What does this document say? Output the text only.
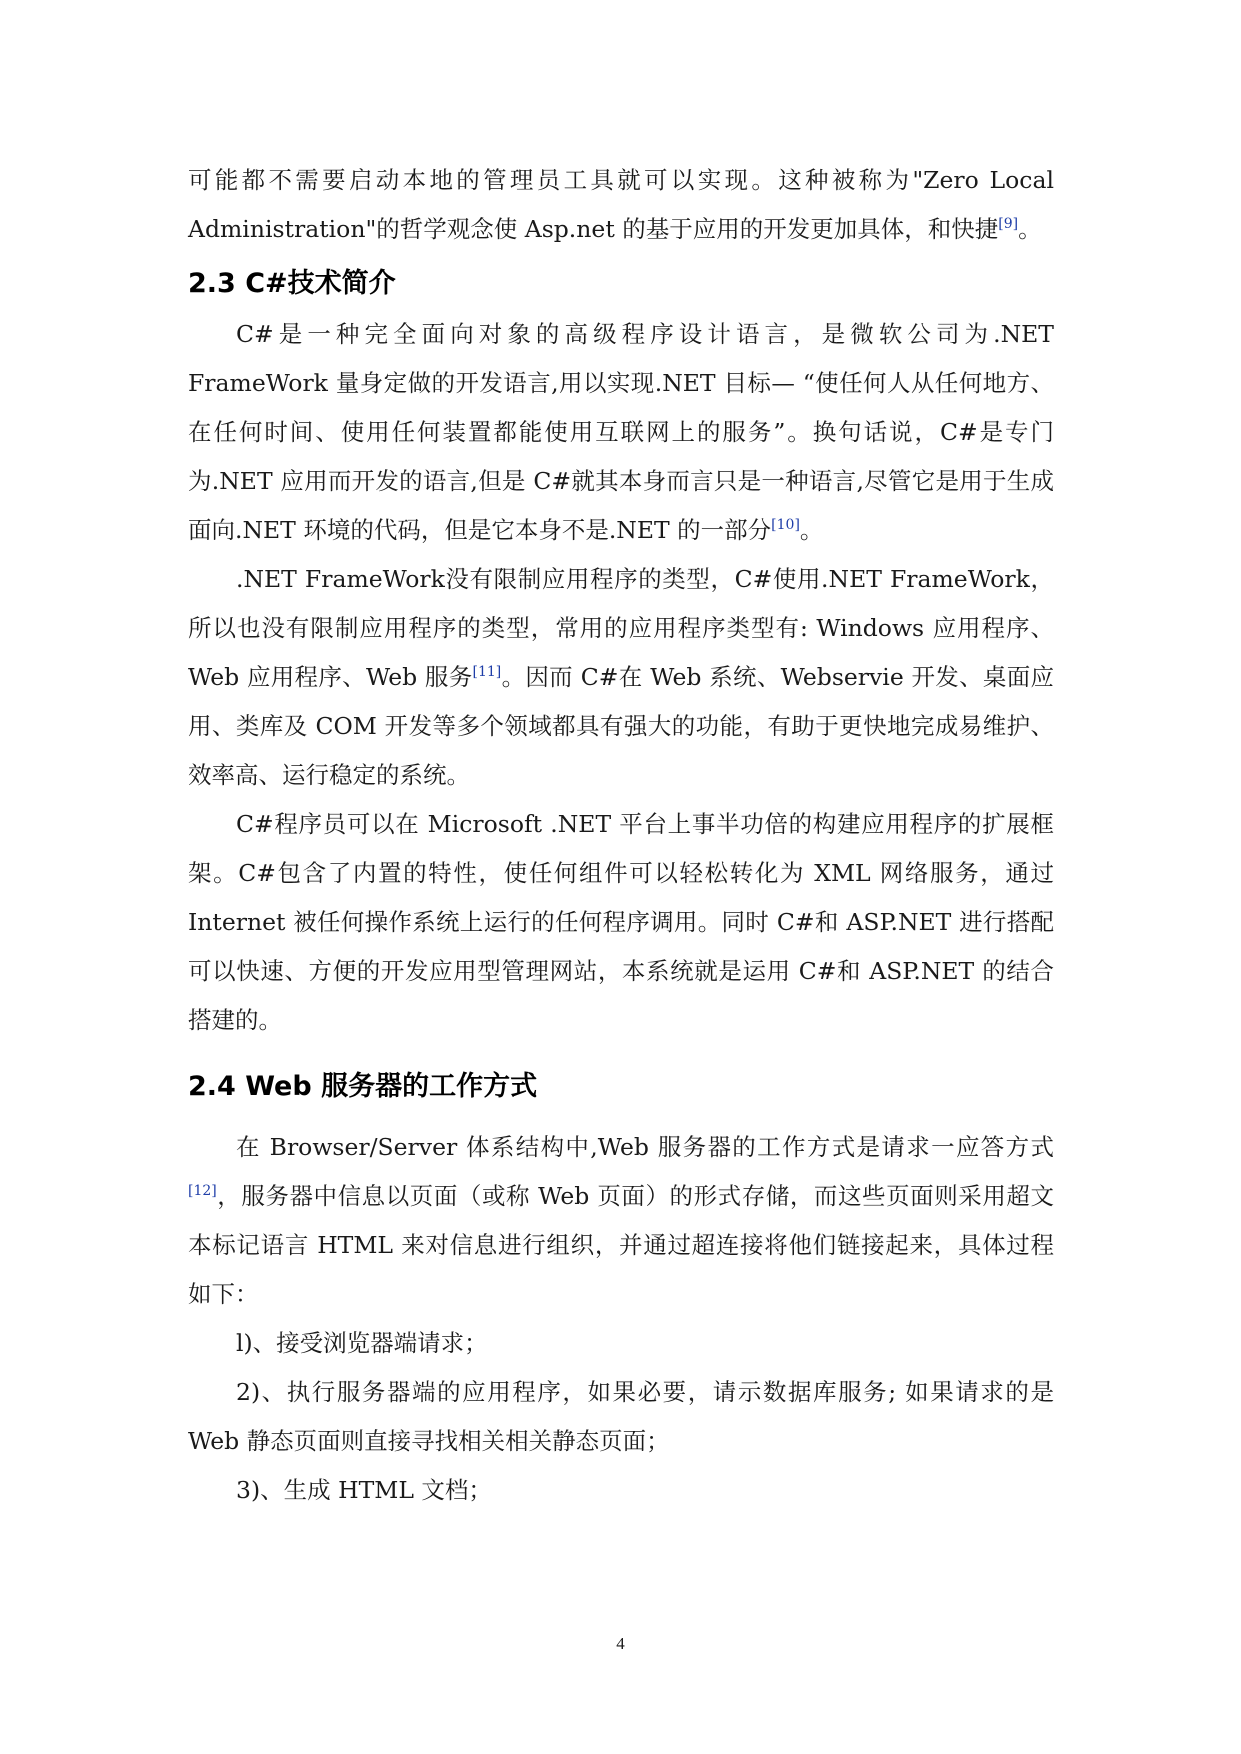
可能都不需要启动本地的管理员工具就可以实现。这种被称为"Zero Local Administration"的哲学观念使 Asp.net 的基于应用的开发更加具体，和快捷[9]。

2.3 C#技术简介

C#是一种完全面向对象的高级程序设计语言，是微软公司为.NET FrameWork 量身定做的开发语言,用以实现.NET 目标— “使任何人从任何地方、在任何时间、使用任何装置都能使用互联网上的服务”。换句话说，C#是专门为.NET 应用而开发的语言,但是 C#就其本身而言只是一种语言,尽管它是用于生成面向.NET 环境的代码，但是它本身不是.NET 的一部分[10]。

.NET FrameWork没有限制应用程序的类型，C#使用.NET FrameWork，所以也没有限制应用程序的类型，常用的应用程序类型有: Windows 应用程序、Web 应用程序、Web 服务[11]。因而 C#在 Web 系统、Webservie 开发、桌面应用、类库及 COM 开发等多个领域都具有强大的功能，有助于更快地完成易维护、效率高、运行稳定的系统。

C#程序员可以在 Microsoft .NET 平台上事半功倍的构建应用程序的扩展框架。C#包含了内置的特性，使任何组件可以轻松转化为 XML 网络服务，通过 Internet 被任何操作系统上运行的任何程序调用。同时 C#和 ASP.NET 进行搭配可以快速、方便的开发应用型管理网站，本系统就是运用 C#和 ASP.NET 的结合搭建的。

2.4 Web 服务器的工作方式

在 Browser/Server 体系结构中,Web 服务器的工作方式是请求一应答方式[12]，服务器中信息以页面（或称 Web 页面）的形式存储，而这些页面则采用超文本标记语言 HTML 来对信息进行组织，并通过超连接将他们链接起来，具体过程如下：

l)、接受浏览器端请求；

2)、执行服务器端的应用程序，如果必要，请示数据库服务; 如果请求的是 Web 静态页面则直接寻找相关相关静态页面；

3)、生成 HTML 文档；

4
